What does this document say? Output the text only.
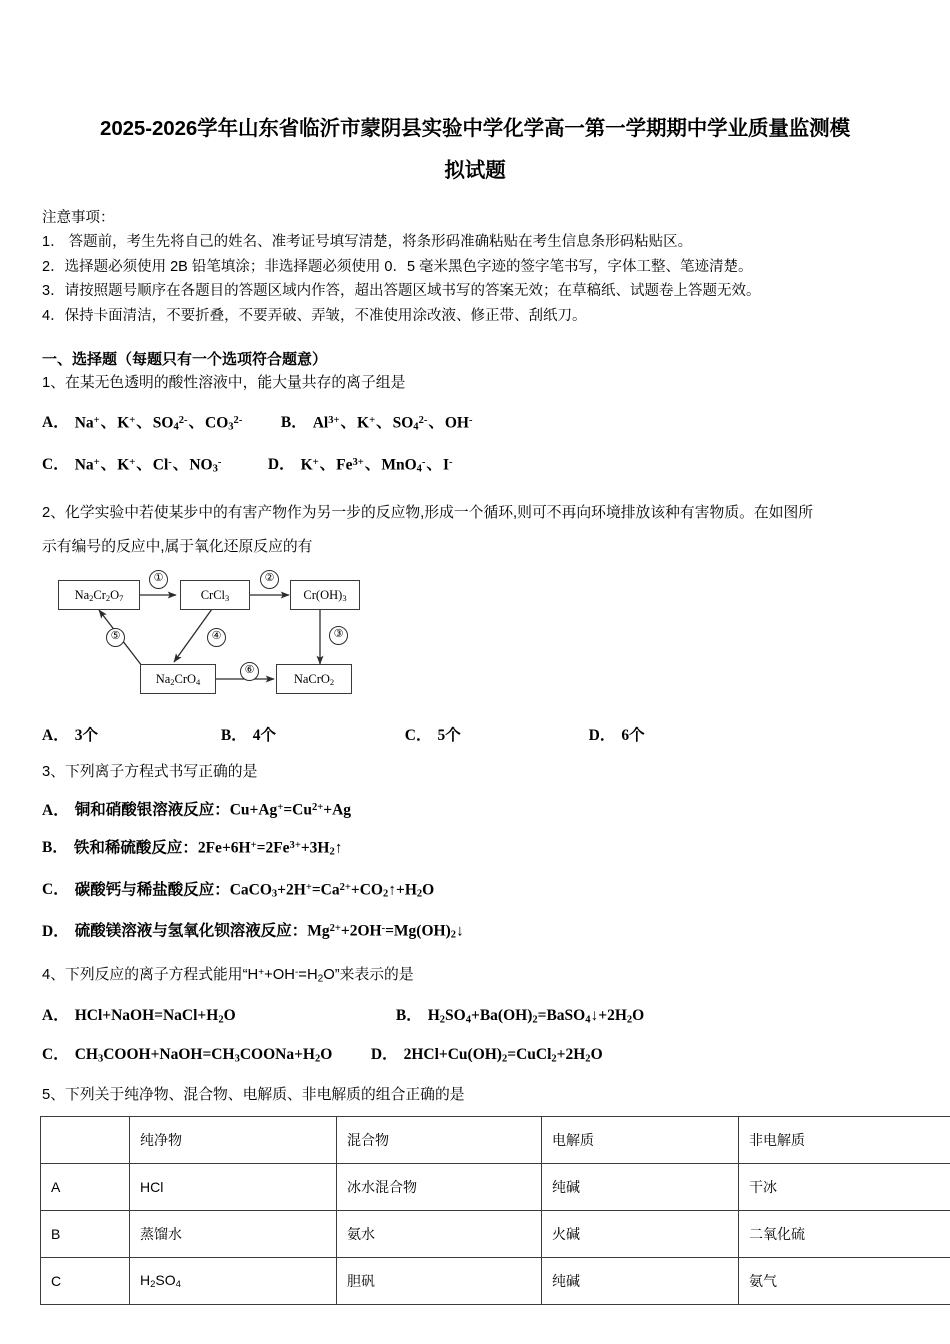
2025-2026学年山东省临沂市蒙阴县实验中学化学高一第一学期期中学业质量监测模
拟试题
注意事项：
1． 答题前，考生先将自己的姓名、准考证号填写清楚，将条形码准确粘贴在考生信息条形码粘贴区。
2．选择题必须使用 2B 铅笔填涂；非选择题必须使用 0．5 毫米黑色字迹的签字笔书写，字体工整、笔迹清楚。
3．请按照题号顺序在各题目的答题区域内作答，超出答题区域书写的答案无效；在草稿纸、试题卷上答题无效。
4．保持卡面清洁，不要折叠，不要弄破、弄皱，不准使用涂改液、修正带、刮纸刀。
一、选择题（每题只有一个选项符合题意）
1、在某无色透明的酸性溶液中，能大量共存的离子组是
A． Na+、K+、$SO_4^{2-}$、$CO_3^{2-}$ B． $Al^{3+}$、K+、$SO_4^{2-}$、OH-
C． Na+、K+、Cl-、$NO_3^-$	D． K+、$Fe^{3+}$、MnO$_4$-、I-
2、化学实验中若使某步中的有害产物作为另一步的反应物,形成一个循环,则可不再向环境排放该种有害物质。在如图所
示有编号的反应中,属于氧化还原反应的有
$Na_2Cr_2O_7$	CrCl$_3$	$Cr(OH)_3$
$Na_2CrO_4$	NaCrO$_2$
①	②
③
④
⑤
⑥
A． 3个	B． 4个	C． 5个	D． 6个
3、下列离子方程式书写正确的是
A． 铜和硝酸银溶液反应：$Cu+Ag^+=Cu^{2+}+Ag$
B． 铁和稀硫酸反应：$2Fe+6H^+=2Fe^{3+}+3H_2↑$
C． 碳酸钙与稀盐酸反应：$CaCO_3+2H^+=Ca^{2+}+CO_2↑+H_2O$
D． 硫酸镁溶液与氢氧化钡溶液反应：$Mg^{2+}+2OH^-=Mg(OH)_2↓$
4、下列反应的离子方程式能用“$H^++OH^-=H_2O$”来表示的是
A． $HCl+NaOH=NaCl+H_2O$	B． $H_2SO_4+Ba(OH)_2=BaSO_4↓+2H_2O$
C． $CH_3COOH+NaOH=CH_3COONa+H_2O$ D． $2HCl+Cu(OH)_2=CuCl_2+2H_2O$
5、下列关于纯净物、混合物、电解质、非电解质的组合正确的是
	纯净物	混合物	电解质	非电解质
A	HCl	冰水混合物	纯碱	干冰
B	蒸馏水	氨水	火碱	二氧化硫
C	$H_2SO_4$	胆矾	纯碱	氨气
